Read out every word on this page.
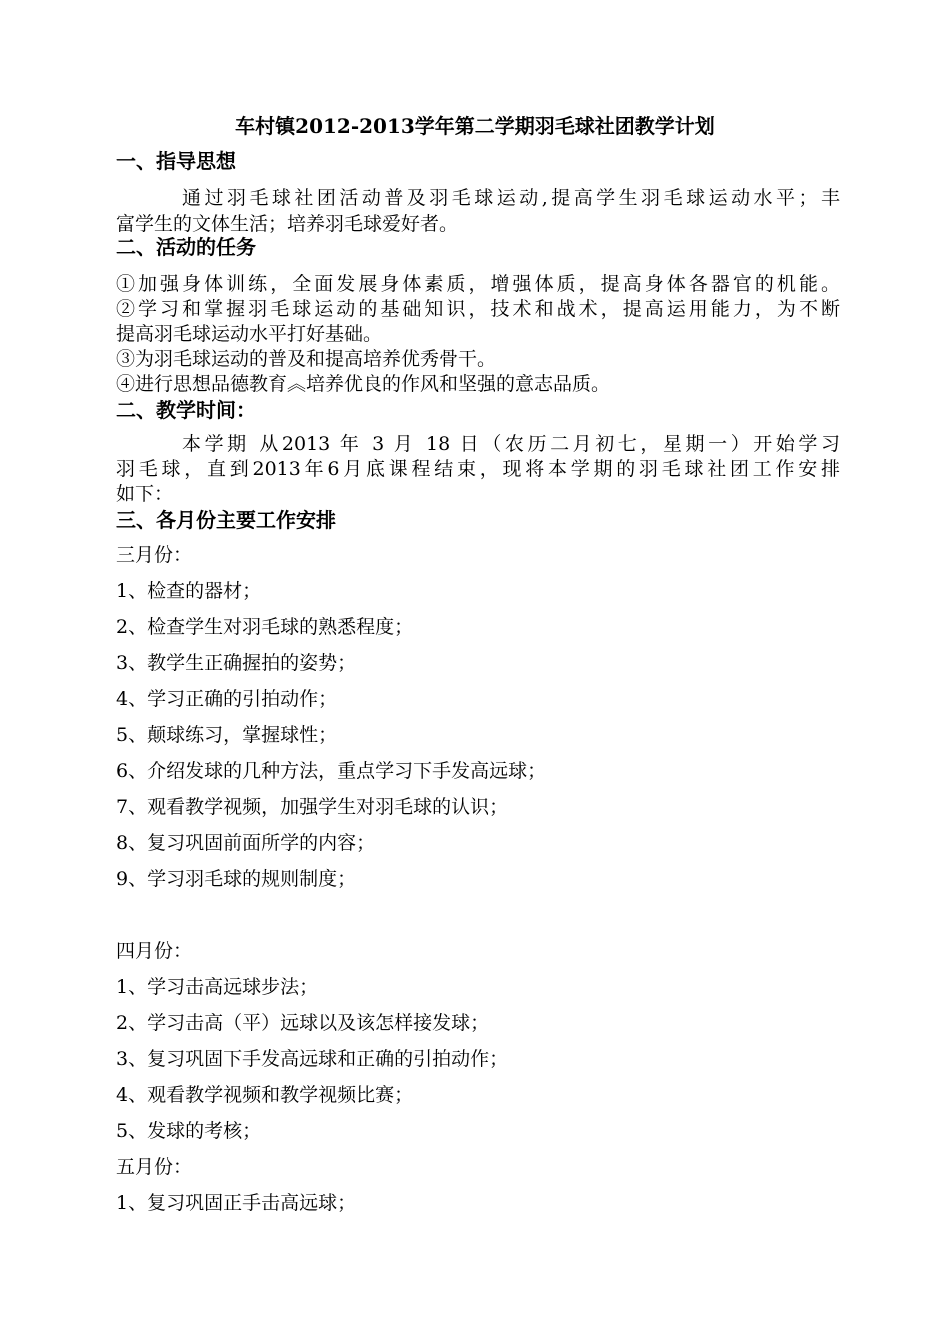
车村镇2012-2013学年第二学期羽毛球社团教学计划
一、指导思想
通过羽毛球社团活动普及羽毛球运动,提高学生羽毛球运动水平；丰
富学生的文体生活；培养羽毛球爱好者。
二、活动的任务
①加强身体训练，全面发展身体素质，增强体质，提高身体各器官的机能。
②学习和掌握羽毛球运动的基础知识，技术和战术，提高运用能力，为不断
提高羽毛球运动水平打好基础。
③为羽毛球运动的普及和提高培养优秀骨干。
④进行思想品德教育︽培养优良的作风和坚强的意志品质。
二、教学时间：
本学期 从2013 年 3 月 18 日（农历二月初七，星期一）开始学习
羽毛球，直到2013年6月底课程结束，现将本学期的羽毛球社团工作安排
如下：
三、各月份主要工作安排
三月份：
1、检查的器材；
2、检查学生对羽毛球的熟悉程度；
3、教学生正确握拍的姿势；
4、学习正确的引拍动作；
5、颠球练习，掌握球性；
6、介绍发球的几种方法，重点学习下手发高远球；
7、观看教学视频，加强学生对羽毛球的认识；
8、复习巩固前面所学的内容；
9、学习羽毛球的规则制度；
四月份：
1、学习击高远球步法；
2、学习击高（平）远球以及该怎样接发球；
3、复习巩固下手发高远球和正确的引拍动作；
4、观看教学视频和教学视频比赛；
5、发球的考核；
五月份：
1、复习巩固正手击高远球；
